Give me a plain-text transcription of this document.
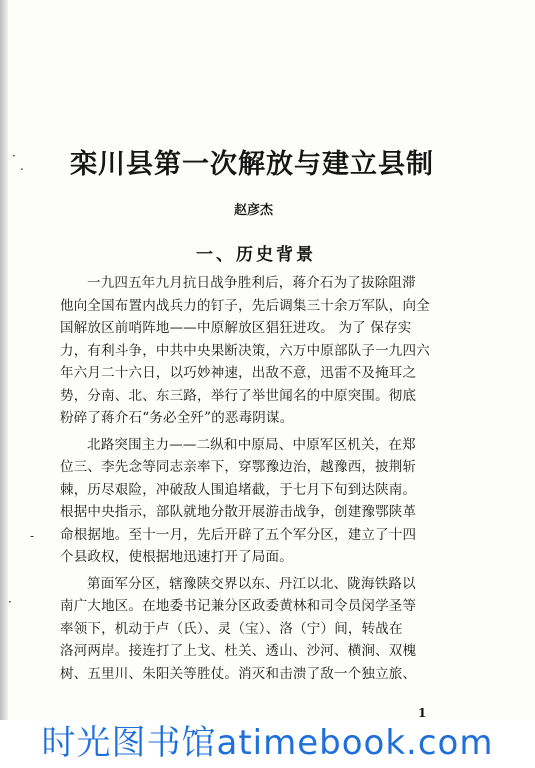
·
.
-
·
栾川县第一次解放与建立县制

赵彦杰

一、历史背景

一九四五年九月抗日战争胜利后，蒋介石为了拔除阻滞
他向全国布置内战兵力的钉子，先后调集三十余万军队，向全
国解放区前哨阵地——中原解放区猖狂进攻。 为了 保存实
力，有利斗争，中共中央果断决策，六万中原部队子一九四六
年六月二十六日，以巧妙神速，出敌不意，迅雷不及掩耳之
势，分南、北、东三路，举行了举世闻名的中原突围。彻底
粉碎了蒋介石“务必全歼”的恶毒阴谋。

北路突围主力——二纵和中原局、中原军区机关，在郑
位三、李先念等同志亲率下，穿鄂豫边治，越豫西，披荆斩
棘，历尽艰险，冲破敌人围追堵截，于七月下旬到达陕南。
根据中央指示，部队就地分散开展游击战争，创建豫鄂陕革
命根据地。至十一月，先后开辟了五个军分区，建立了十四
个县政权，使根据地迅速打开了局面。

第面军分区，辖豫陕交界以东、丹江以北、陇海铁路以
南广大地区。在地委书记兼分区政委黄林和司令员闵学圣等
率领下，机动于卢（氏）、灵（宝）、洛（宁）间，转战在
洛河两岸。接连打了上戈、杜关、透山、沙河、横涧、双槐
树、五里川、朱阳关等胜仗。消灭和击溃了敌一个独立旅、

1
时光图书馆atimebook.com
